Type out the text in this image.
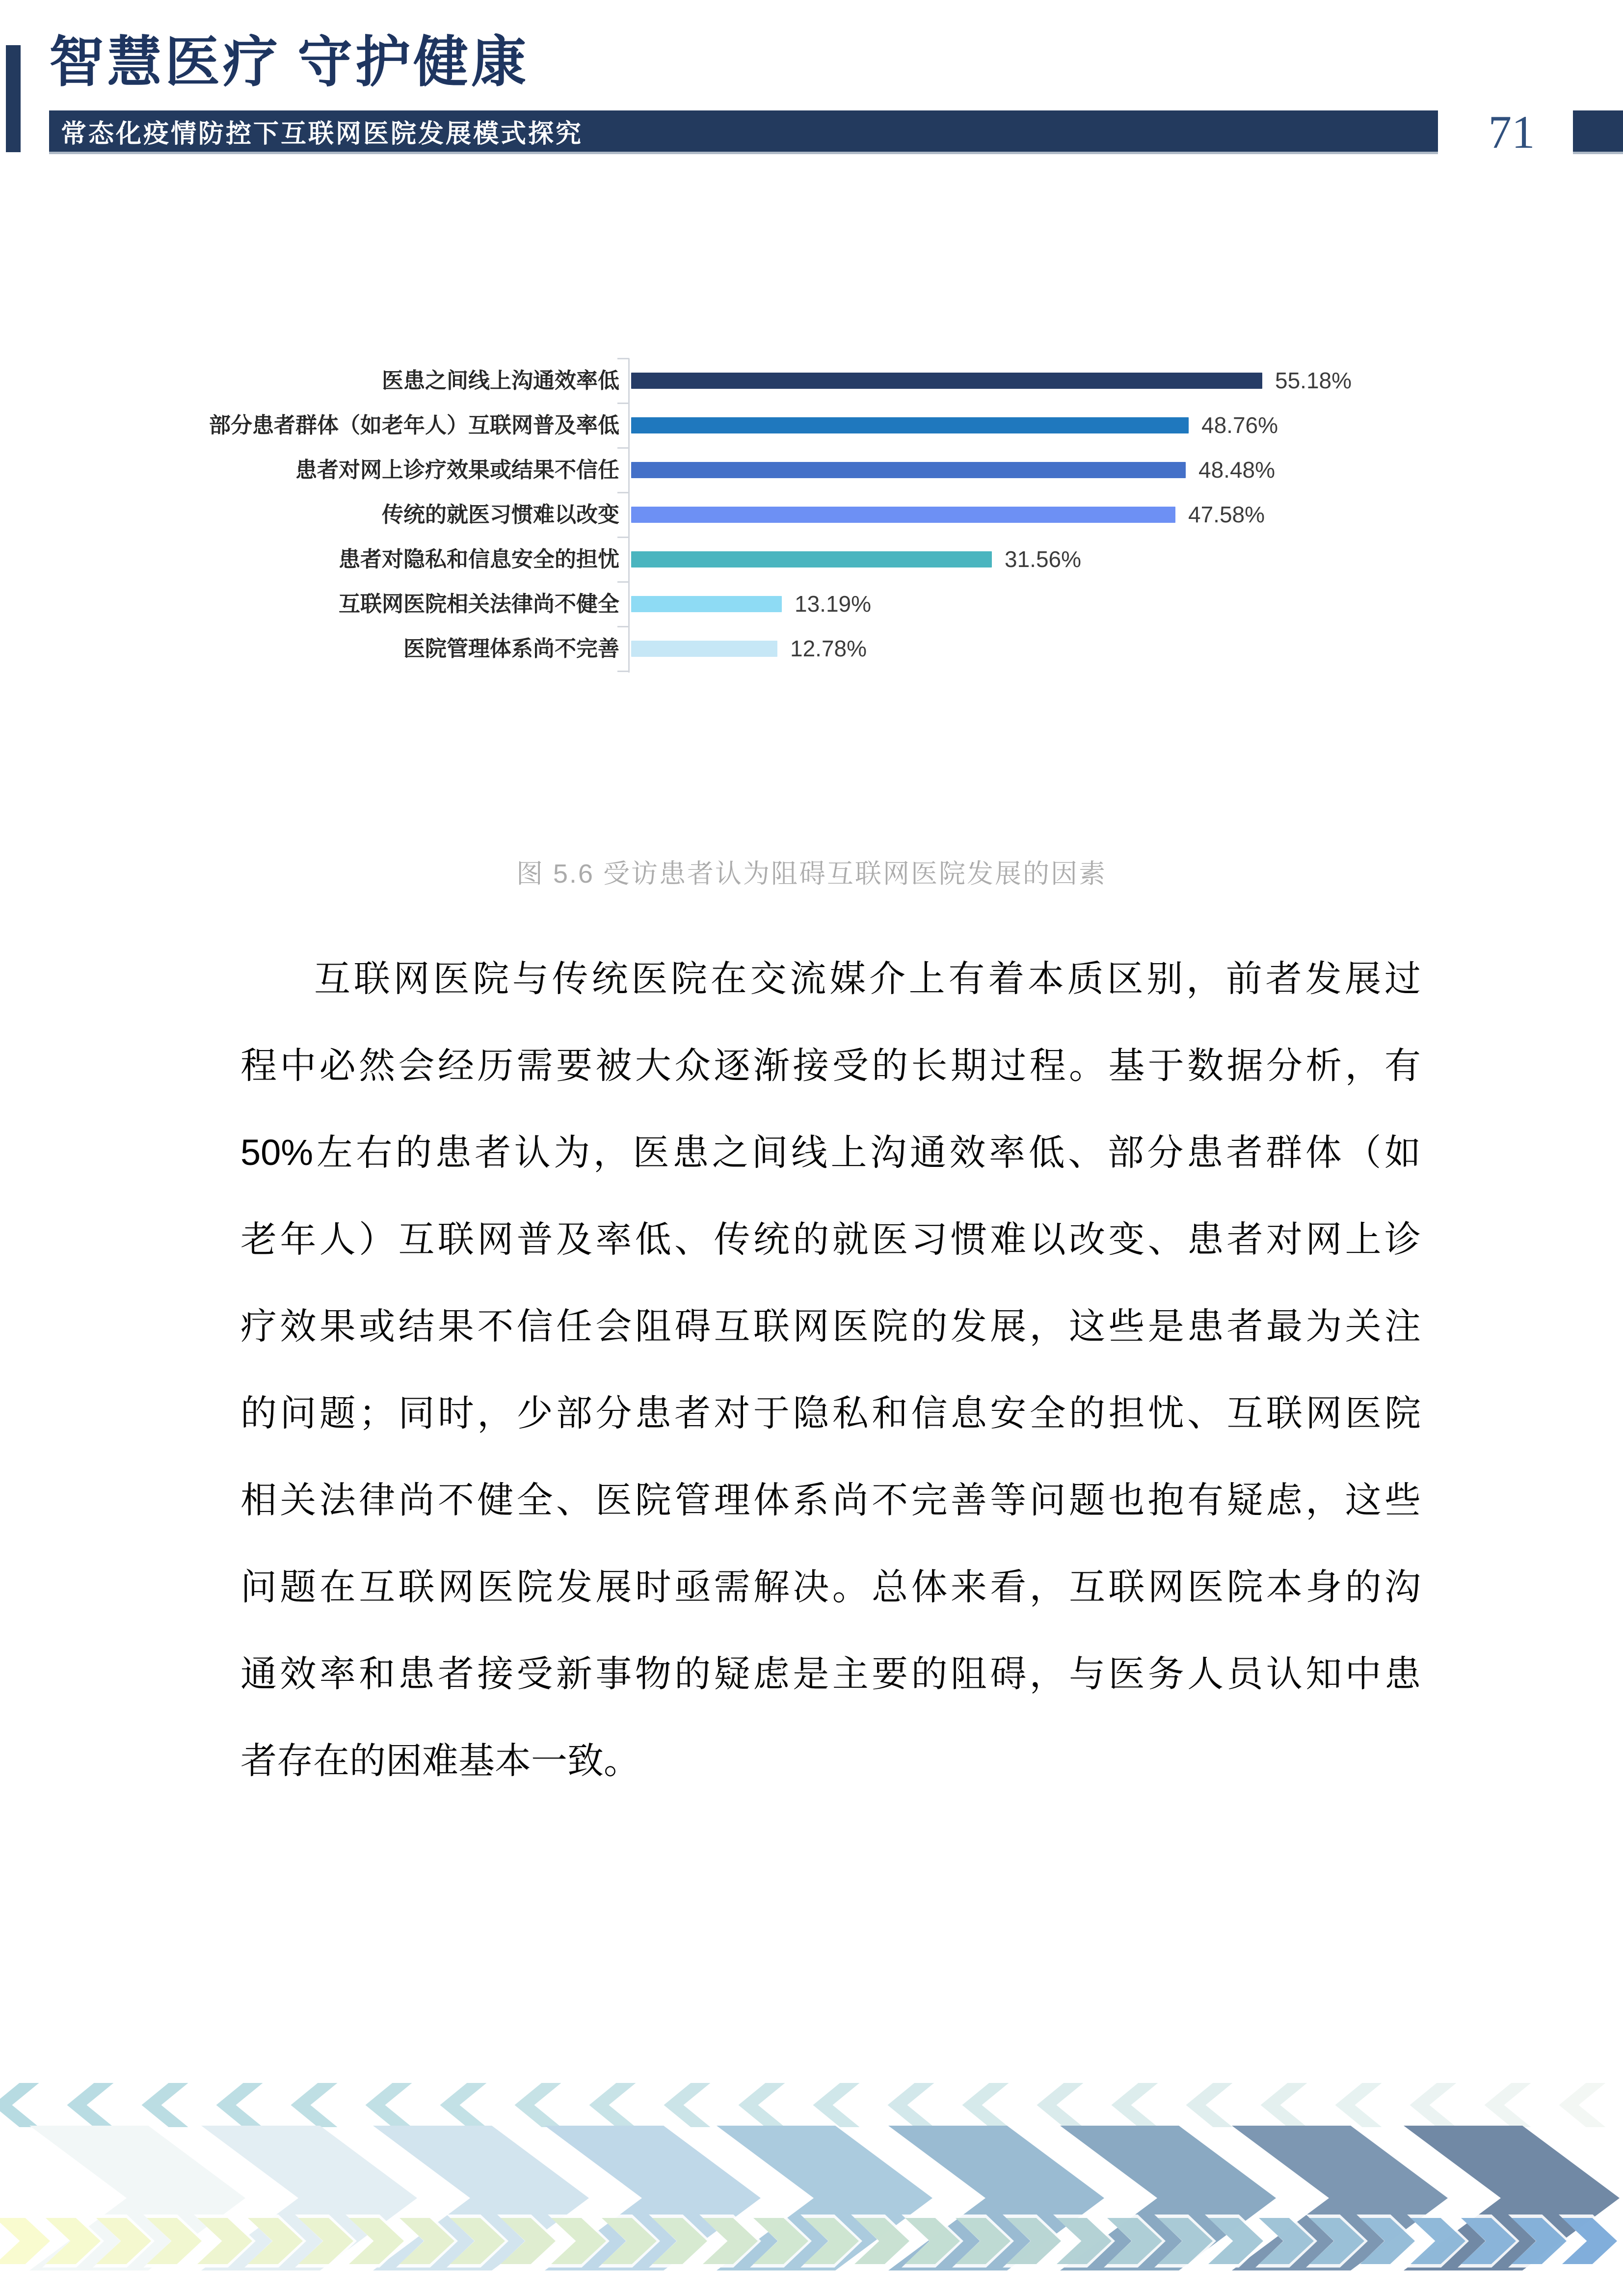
智慧医疗 守护健康
常态化疫情防控下互联网医院发展模式探究	71
医患之间线上沟通效率低	55.18%
部分患者群体（如老年人）互联网普及率低	48.76%
患者对网上诊疗效果或结果不信任	48.48%
传统的就医习惯难以改变	47.58%
患者对隐私和信息安全的担忧	31.56%
互联网医院相关法律尚不健全	13.19%
医院管理体系尚不完善	12.78%
图 5.6 受访患者认为阻碍互联网医院发展的因素
互联网医院与传统医院在交流媒介上有着本质区别，前者发展过
程中必然会经历需要被大众逐渐接受的长期过程。基于数据分析，有
50%左右的患者认为，医患之间线上沟通效率低、部分患者群体（如
老年人）互联网普及率低、传统的就医习惯难以改变、患者对网上诊
疗效果或结果不信任会阻碍互联网医院的发展，这些是患者最为关注
的问题；同时，少部分患者对于隐私和信息安全的担忧、互联网医院
相关法律尚不健全、医院管理体系尚不完善等问题也抱有疑虑，这些
问题在互联网医院发展时亟需解决。总体来看，互联网医院本身的沟
通效率和患者接受新事物的疑虑是主要的阻碍，与医务人员认知中患
者存在的困难基本一致。
